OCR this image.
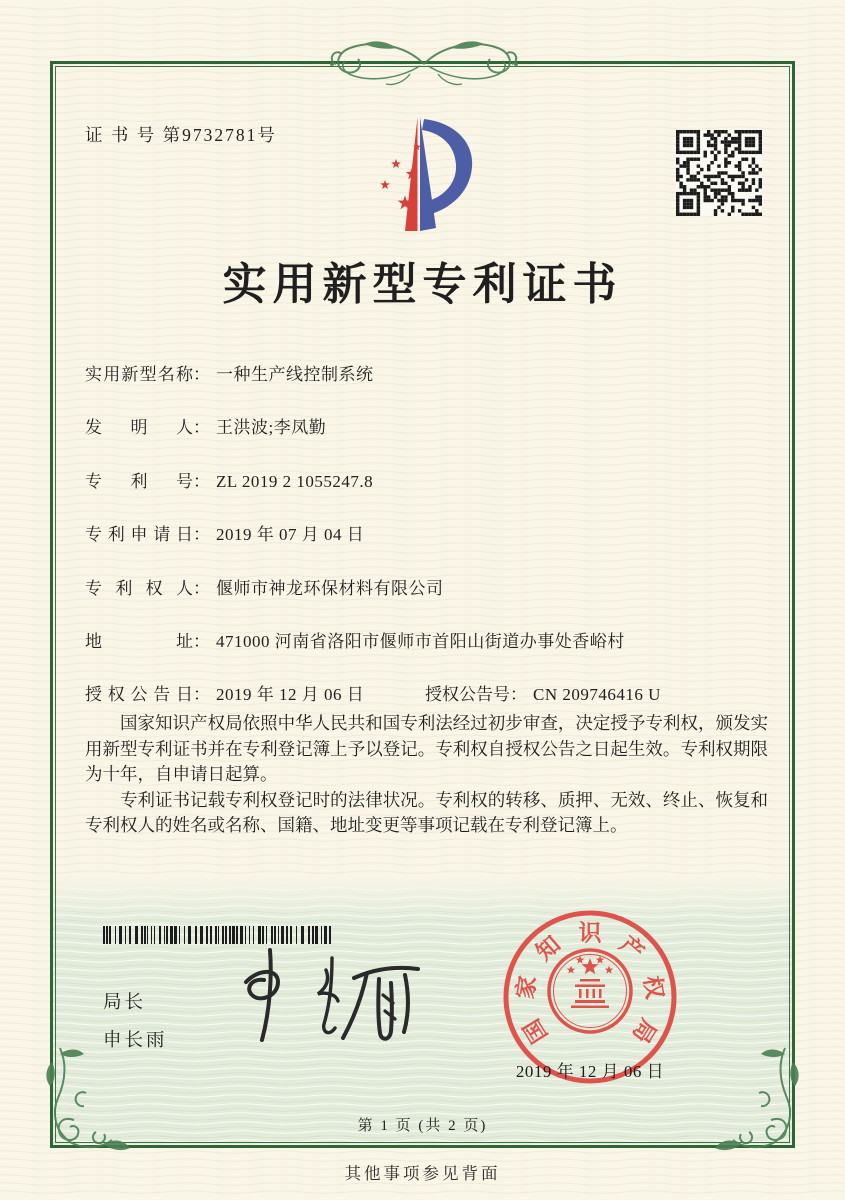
证 书 号 第9732781号
实用新型专利证书
实用新型名称： 一种生产线控制系统
发明人： 王洪波;李凤勤
专利号： ZL 2019 2 1055247.8
专利申请日： 2019 年 07 月 04 日
专利权人： 偃师市神龙环保材料有限公司
地址： 471000 河南省洛阳市偃师市首阳山街道办事处香峪村
授权公告日： 2019 年 12 月 06 日	授权公告号： CN 209746416 U

国家知识产权局依照中华人民共和国专利法经过初步审查，决定授予专利权，颁发实用新型专利证书并在专利登记簿上予以登记。专利权自授权公告之日起生效。专利权期限为十年，自申请日起算。

专利证书记载专利权登记时的法律状况。专利权的转移、质押、无效、终止、恢复和专利权人的姓名或名称、国籍、地址变更等事项记载在专利登记簿上。

局长
申长雨	国
家
知 识 产
权
局
2019 年 12 月 06 日
第 1 页 (共 2 页)
其他事项参见背面
